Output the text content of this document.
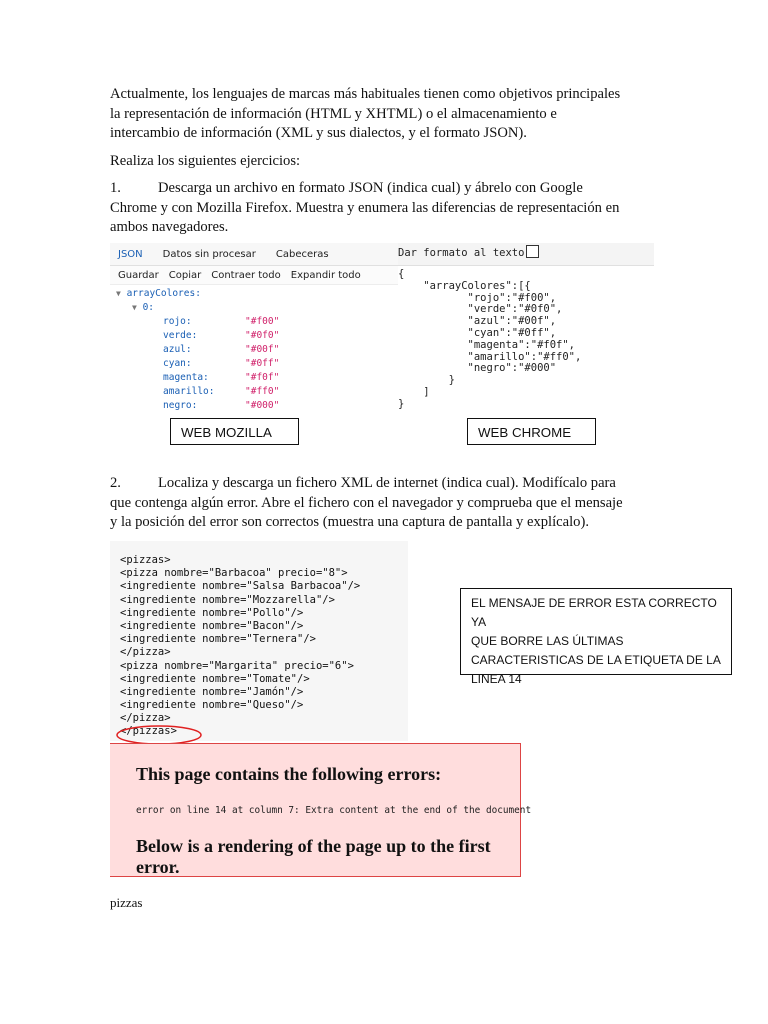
Actualmente, los lenguajes de marcas más habituales tienen como objetivos principales

la representación de información (HTML y XHTML) o el almacenamiento e

intercambio de información (XML y sus dialectos, y el formato JSON).

Realiza los siguientes ejercicios:

1.	Descarga un archivo en formato JSON (indica cual) y ábrelo con Google

Chrome y con Mozilla Firefox. Muestra y enumera las diferencias de representación en

ambos navegadores.

JSON Datos sin procesar Cabeceras
Guardar Copiar Contraer todo Expandir todo
▼ arrayColores:
▼ 0:
rojo:	"#f00"
verde:	"#0f0"
azul:	"#00f"
cyan:	"#0ff"
magenta:	"#f0f"
amarillo:	"#ff0"
negro:	"#000"
Dar formato al texto
{
"arrayColores":[{
"rojo":"#f00",
"verde":"#0f0",
"azul":"#00f",
"cyan":"#0ff",
"magenta":"#f0f",
"amarillo":"#ff0",
"negro":"#000"
}
]
}
WEB MOZILLA	WEB CHROME

2.	Localiza y descarga un fichero XML de internet (indica cual). Modifícalo para

que contenga algún error. Abre el fichero con el navegador y comprueba que el mensaje

y la posición del error son correctos (muestra una captura de pantalla y explícalo).

<pizzas>
<pizza nombre="Barbacoa" precio="8">
<ingrediente nombre="Salsa Barbacoa"/>
<ingrediente nombre="Mozzarella"/>
<ingrediente nombre="Pollo"/>
<ingrediente nombre="Bacon"/>
<ingrediente nombre="Ternera"/>
</pizza>
<pizza nombre="Margarita" precio="6">
<ingrediente nombre="Tomate"/>
<ingrediente nombre="Jamón"/>
<ingrediente nombre="Queso"/>
</pizza>
</pizzas>
EL MENSAJE DE ERROR ESTA CORRECTO YA
QUE BORRE LAS ÚLTIMAS
CARACTERISTICAS DE LA ETIQUETA DE LA
LINEA 14
This page contains the following errors:
error on line 14 at column 7: Extra content at the end of the document
Below is a rendering of the page up to the first error.
pizzas
